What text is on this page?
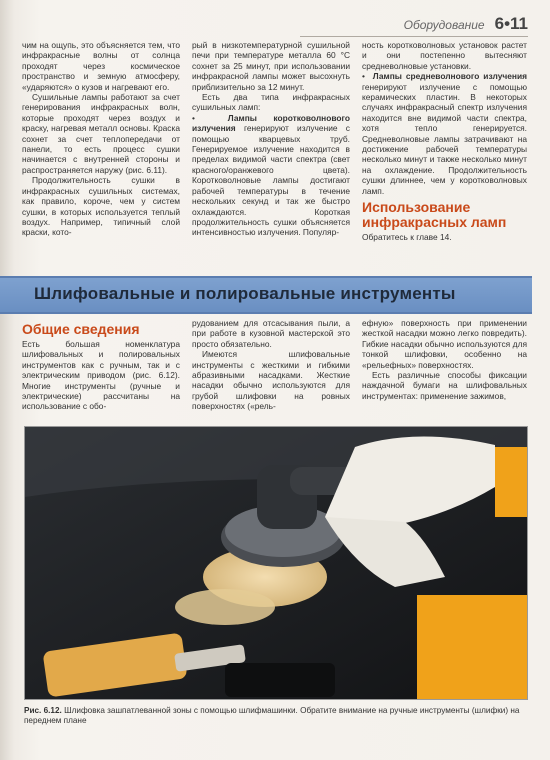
Оборудование 6•11

чим на ощупь, это объясняется тем, что инфракрасные волны от солнца проходят через космическое пространство и земную атмосферу, «ударяются» о кузов и нагревают его.

Сушильные лампы работают за счет генерирования инфракрасных волн, которые проходят через воздух и краску, нагревая металл основы. Краска сохнет за счет теплопередачи от панели, то есть процесс сушки начинается с внутренней стороны и распространяется наружу (рис. 6.11).

Продолжительность сушки в инфракрасных сушильных системах, как правило, короче, чем у систем сушки, в которых используется теплый воздух. Например, типичный слой краски, кото-

рый в низкотемпературной сушильной печи при температуре металла 60 °С сохнет за 25 минут, при использовании инфракрасной лампы может высохнуть приблизительно за 12 минут.

Есть два типа инфракрасных сушильных ламп:

•  Лампы коротковолнового излучения генерируют излучение с помощью кварцевых труб. Генерируемое излучение находится в пределах видимой части спектра (свет красного/оранжевого цвета). Коротковолновые лампы достигают рабочей температуры в течение нескольких секунд и так же быстро охлаждаются. Короткая продолжительность сушки объясняется интенсивностью излучения. Популяр-

ность коротковолновых установок растет и они постепенно вытесняют средневолновые установки.

•  Лампы средневолнового излучения генерируют излучение с помощью керамических пластин. В некоторых случаях инфракрасный спектр излучения находится вне видимой части спектра, хотя тепло генерируется. Средневолновые лампы затрачивают на достижение рабочей температуры несколько минут и также несколько минут на охлаждение. Продолжительность сушки длиннее, чем у коротковолновых ламп.

Использование инфракрасных ламп

Обратитесь к главе 14.

Шлифовальные и полировальные инструменты
Общие сведения

Есть большая номенклатура шлифовальных и полировальных инструментов как с ручным, так и с электрическим приводом (рис. 6.12). Многие инструменты (ручные и электрические) рассчитаны на использование с обо-

рудованием для отсасывания пыли, а при работе в кузовной мастерской это просто обязательно.

Имеются шлифовальные инструменты с жесткими и гибкими абразивными насадками. Жесткие насадки обычно используются для грубой шлифовки на ровных поверхностях («рель-

ефную» поверхность при применении жесткой насадки можно легко повредить). Гибкие насадки обычно используются для тонкой шлифовки, особенно на «рельефных» поверхностях.

Есть различные способы фиксации наждачной бумаги на шлифовальных инструментах: применение зажимов,

Рис. 6.12. Шлифовка зашпатлеванной зоны с помощью шлифмашинки. Обратите внимание на ручные инструменты (шлифки) на переднем плане
